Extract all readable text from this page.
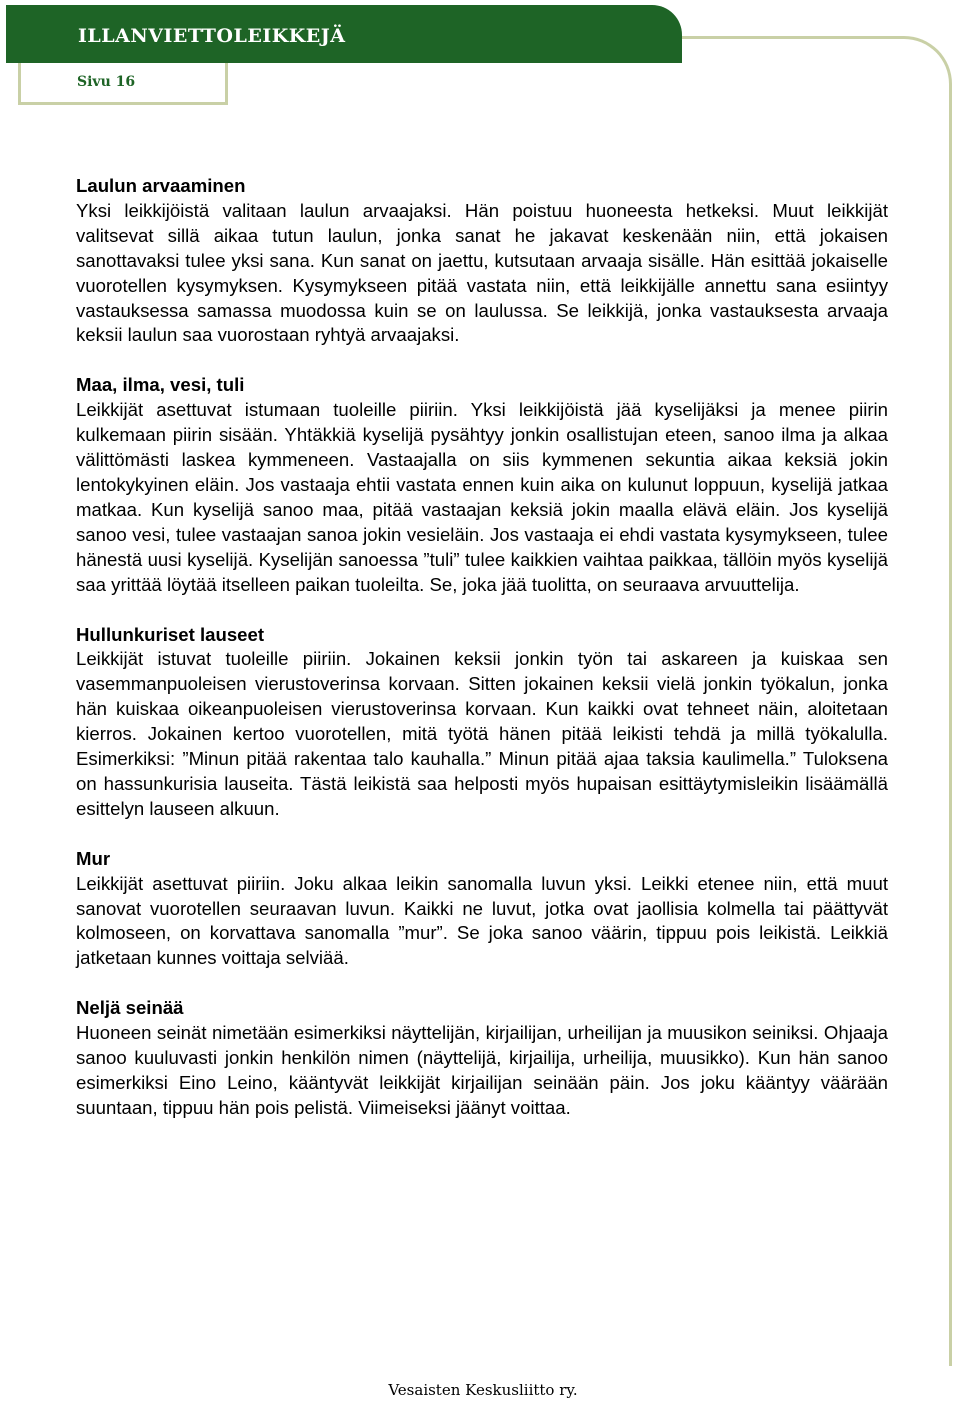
ILLANVIETTOLEIKKEJÄ
Sivu 16
Laulun arvaaminen

Yksi leikkijöistä valitaan laulun arvaajaksi. Hän poistuu huoneesta hetkeksi. Muut leikkijät valitsevat sillä aikaa tutun laulun, jonka sanat he jakavat keskenään niin, että jokaisen sanottavaksi tulee yksi sana. Kun sanat on jaettu, kutsutaan arvaaja sisälle. Hän esittää jokaiselle vuorotellen kysymyksen. Kysymykseen pitää vastata niin, että leikkijälle annettu sana esiintyy vastauksessa samassa muodossa kuin se on laulussa. Se leikkijä, jonka vastauksesta arvaaja keksii laulun saa vuorostaan ryhtyä arvaajaksi.

Maa, ilma, vesi, tuli

Leikkijät asettuvat istumaan tuoleille piiriin. Yksi leikkijöistä jää kyselijäksi ja menee piirin kulkemaan piirin sisään. Yhtäkkiä kyselijä pysähtyy jonkin osallistujan eteen, sanoo ilma ja alkaa välittömästi laskea kymmeneen. Vastaajalla on siis kymmenen sekuntia aikaa keksiä jokin lentokykyinen eläin. Jos vastaaja ehtii vastata ennen kuin aika on kulunut loppuun, kyselijä jatkaa matkaa. Kun kyselijä sanoo maa, pitää vastaajan keksiä jokin maalla elävä eläin. Jos kyselijä sanoo vesi, tulee vastaajan sanoa jokin vesieläin. Jos vastaaja ei ehdi vastata kysymykseen, tulee hänestä uusi kyselijä. Kyselijän sanoessa ”tuli” tulee kaikkien vaihtaa paikkaa, tällöin myös kyselijä saa yrittää löytää itselleen paikan tuoleilta. Se, joka jää tuolitta, on seuraava arvuuttelija.

Hullunkuriset lauseet

Leikkijät istuvat tuoleille piiriin. Jokainen keksii jonkin työn tai askareen ja kuiskaa sen vasemmanpuoleisen vierustoverinsa korvaan. Sitten jokainen keksii vielä jonkin työkalun, jonka hän kuiskaa oikeanpuoleisen vierustoverinsa korvaan. Kun kaikki ovat tehneet näin, aloitetaan kierros. Jokainen kertoo vuorotellen, mitä työtä hänen pitää leikisti tehdä ja millä työkalulla. Esimerkiksi: ”Minun pitää rakentaa talo kauhalla.” Minun pitää ajaa taksia kaulimella.” Tuloksena on hassunkurisia lauseita. Tästä leikistä saa helposti myös hupaisan esittäytymisleikin lisäämällä esittelyn lauseen alkuun.

Mur

Leikkijät asettuvat piiriin. Joku alkaa leikin sanomalla luvun yksi. Leikki etenee niin, että muut sanovat vuorotellen seuraavan luvun. Kaikki ne luvut, jotka ovat jaollisia kolmella tai päättyvät kolmoseen, on korvattava sanomalla ”mur”. Se joka sanoo väärin, tippuu pois leikistä. Leikkiä jatketaan kunnes voittaja selviää.

Neljä seinää

Huoneen seinät nimetään esimerkiksi näyttelijän, kirjailijan, urheilijan ja muusikon seiniksi. Ohjaaja sanoo kuuluvasti jonkin henkilön nimen (näyttelijä, kirjailija, urheilija, muusikko). Kun hän sanoo esimerkiksi Eino Leino, kääntyvät leikkijät kirjailijan seinään päin. Jos joku kääntyy väärään suuntaan, tippuu hän pois pelistä. Viimeiseksi jäänyt voittaa.

Vesaisten Keskusliitto ry.
